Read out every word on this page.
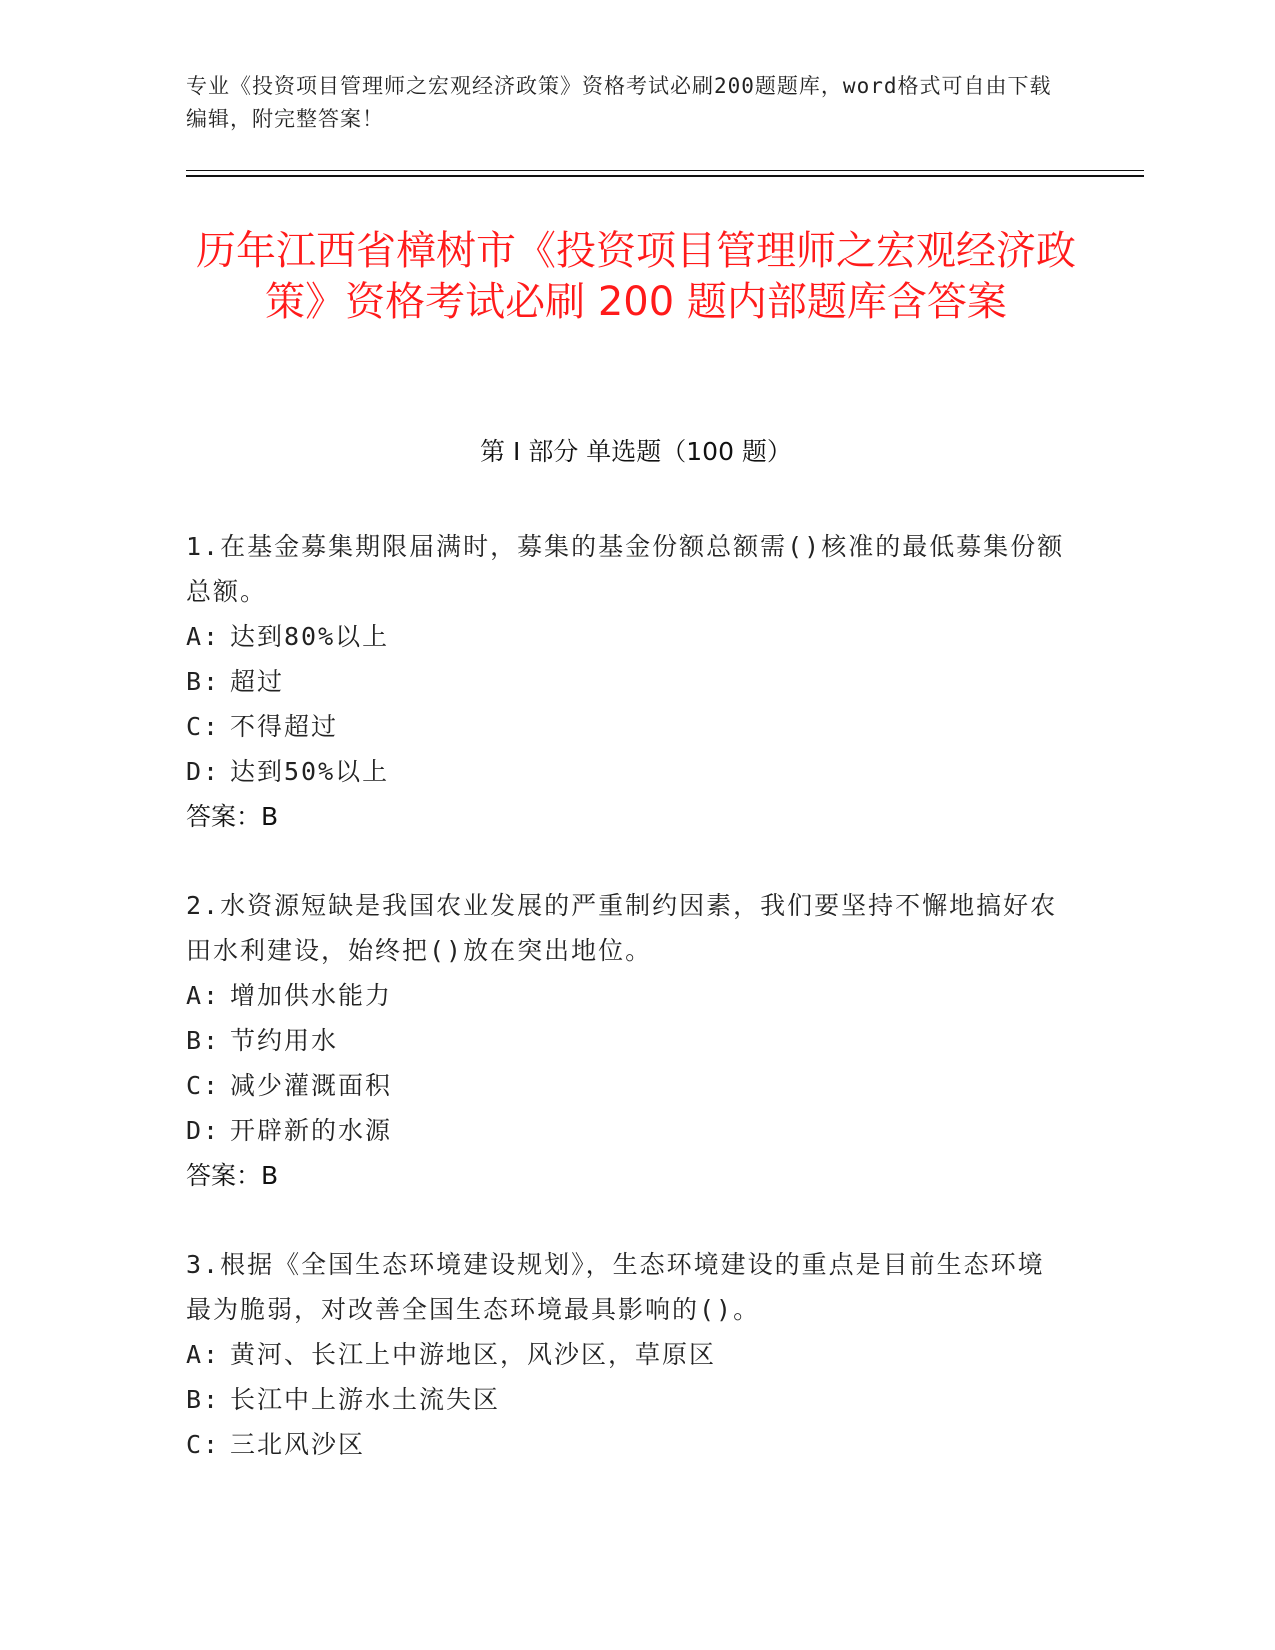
专业《投资项目管理师之宏观经济政策》资格考试必刷200题题库，word格式可自由下载编辑，附完整答案！
历年江西省樟树市《投资项目管理师之宏观经济政策》资格考试必刷 200 题内部题库含答案
第 I 部分 单选题（100 题）
1.在基金募集期限届满时，募集的基金份额总额需()核准的最低募集份额总额。
A: 达到80%以上
B: 超过
C: 不得超过
D: 达到50%以上
答案：B
2.水资源短缺是我国农业发展的严重制约因素，我们要坚持不懈地搞好农田水利建设，始终把()放在突出地位。
A: 增加供水能力
B: 节约用水
C: 减少灌溉面积
D: 开辟新的水源
答案：B
3.根据《全国生态环境建设规划》，生态环境建设的重点是目前生态环境最为脆弱，对改善全国生态环境最具影响的()。
A: 黄河、长江上中游地区，风沙区，草原区
B: 长江中上游水土流失区
C: 三北风沙区
